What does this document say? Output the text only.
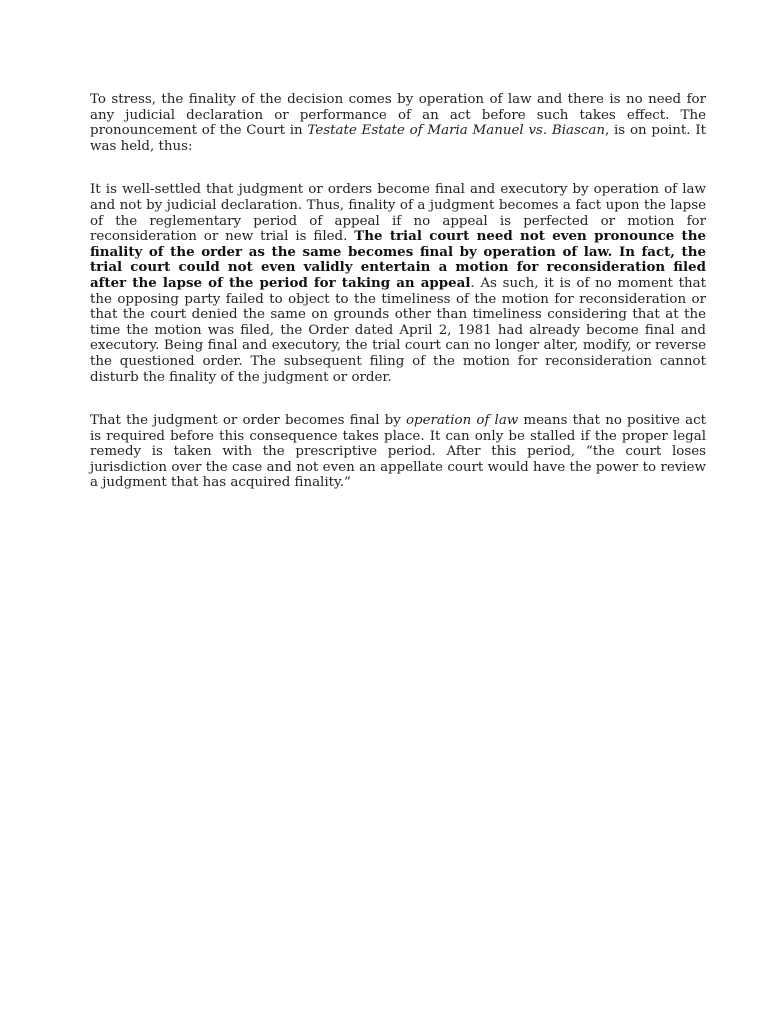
To stress, the finality of the decision comes by operation of law and there is no need for any judicial declaration or performance of an act before such takes effect. The pronouncement of the Court in Testate Estate of Maria Manuel vs. Biascan, is on point. It was held, thus:

It is well-settled that judgment or orders become final and executory by operation of law and not by judicial declaration. Thus, finality of a judgment becomes a fact upon the lapse of the reglementary period of appeal if no appeal is perfected or motion for reconsideration or new trial is filed. The trial court need not even pronounce the finality of the order as the same becomes final by operation of law. In fact, the trial court could not even validly entertain a motion for reconsideration filed after the lapse of the period for taking an appeal. As such, it is of no moment that the opposing party failed to object to the timeliness of the motion for reconsideration or that the court denied the same on grounds other than timeliness considering that at the time the motion was filed, the Order dated April 2, 1981 had already become final and executory. Being final and executory, the trial court can no longer alter, modify, or reverse the questioned order. The subsequent filing of the motion for reconsideration cannot disturb the finality of the judgment or order.

That the judgment or order becomes final by operation of law means that no positive act is required before this consequence takes place. It can only be stalled if the proper legal remedy is taken with the prescriptive period. After this period, “the court loses jurisdiction over the case and not even an appellate court would have the power to review a judgment that has acquired finality.”
